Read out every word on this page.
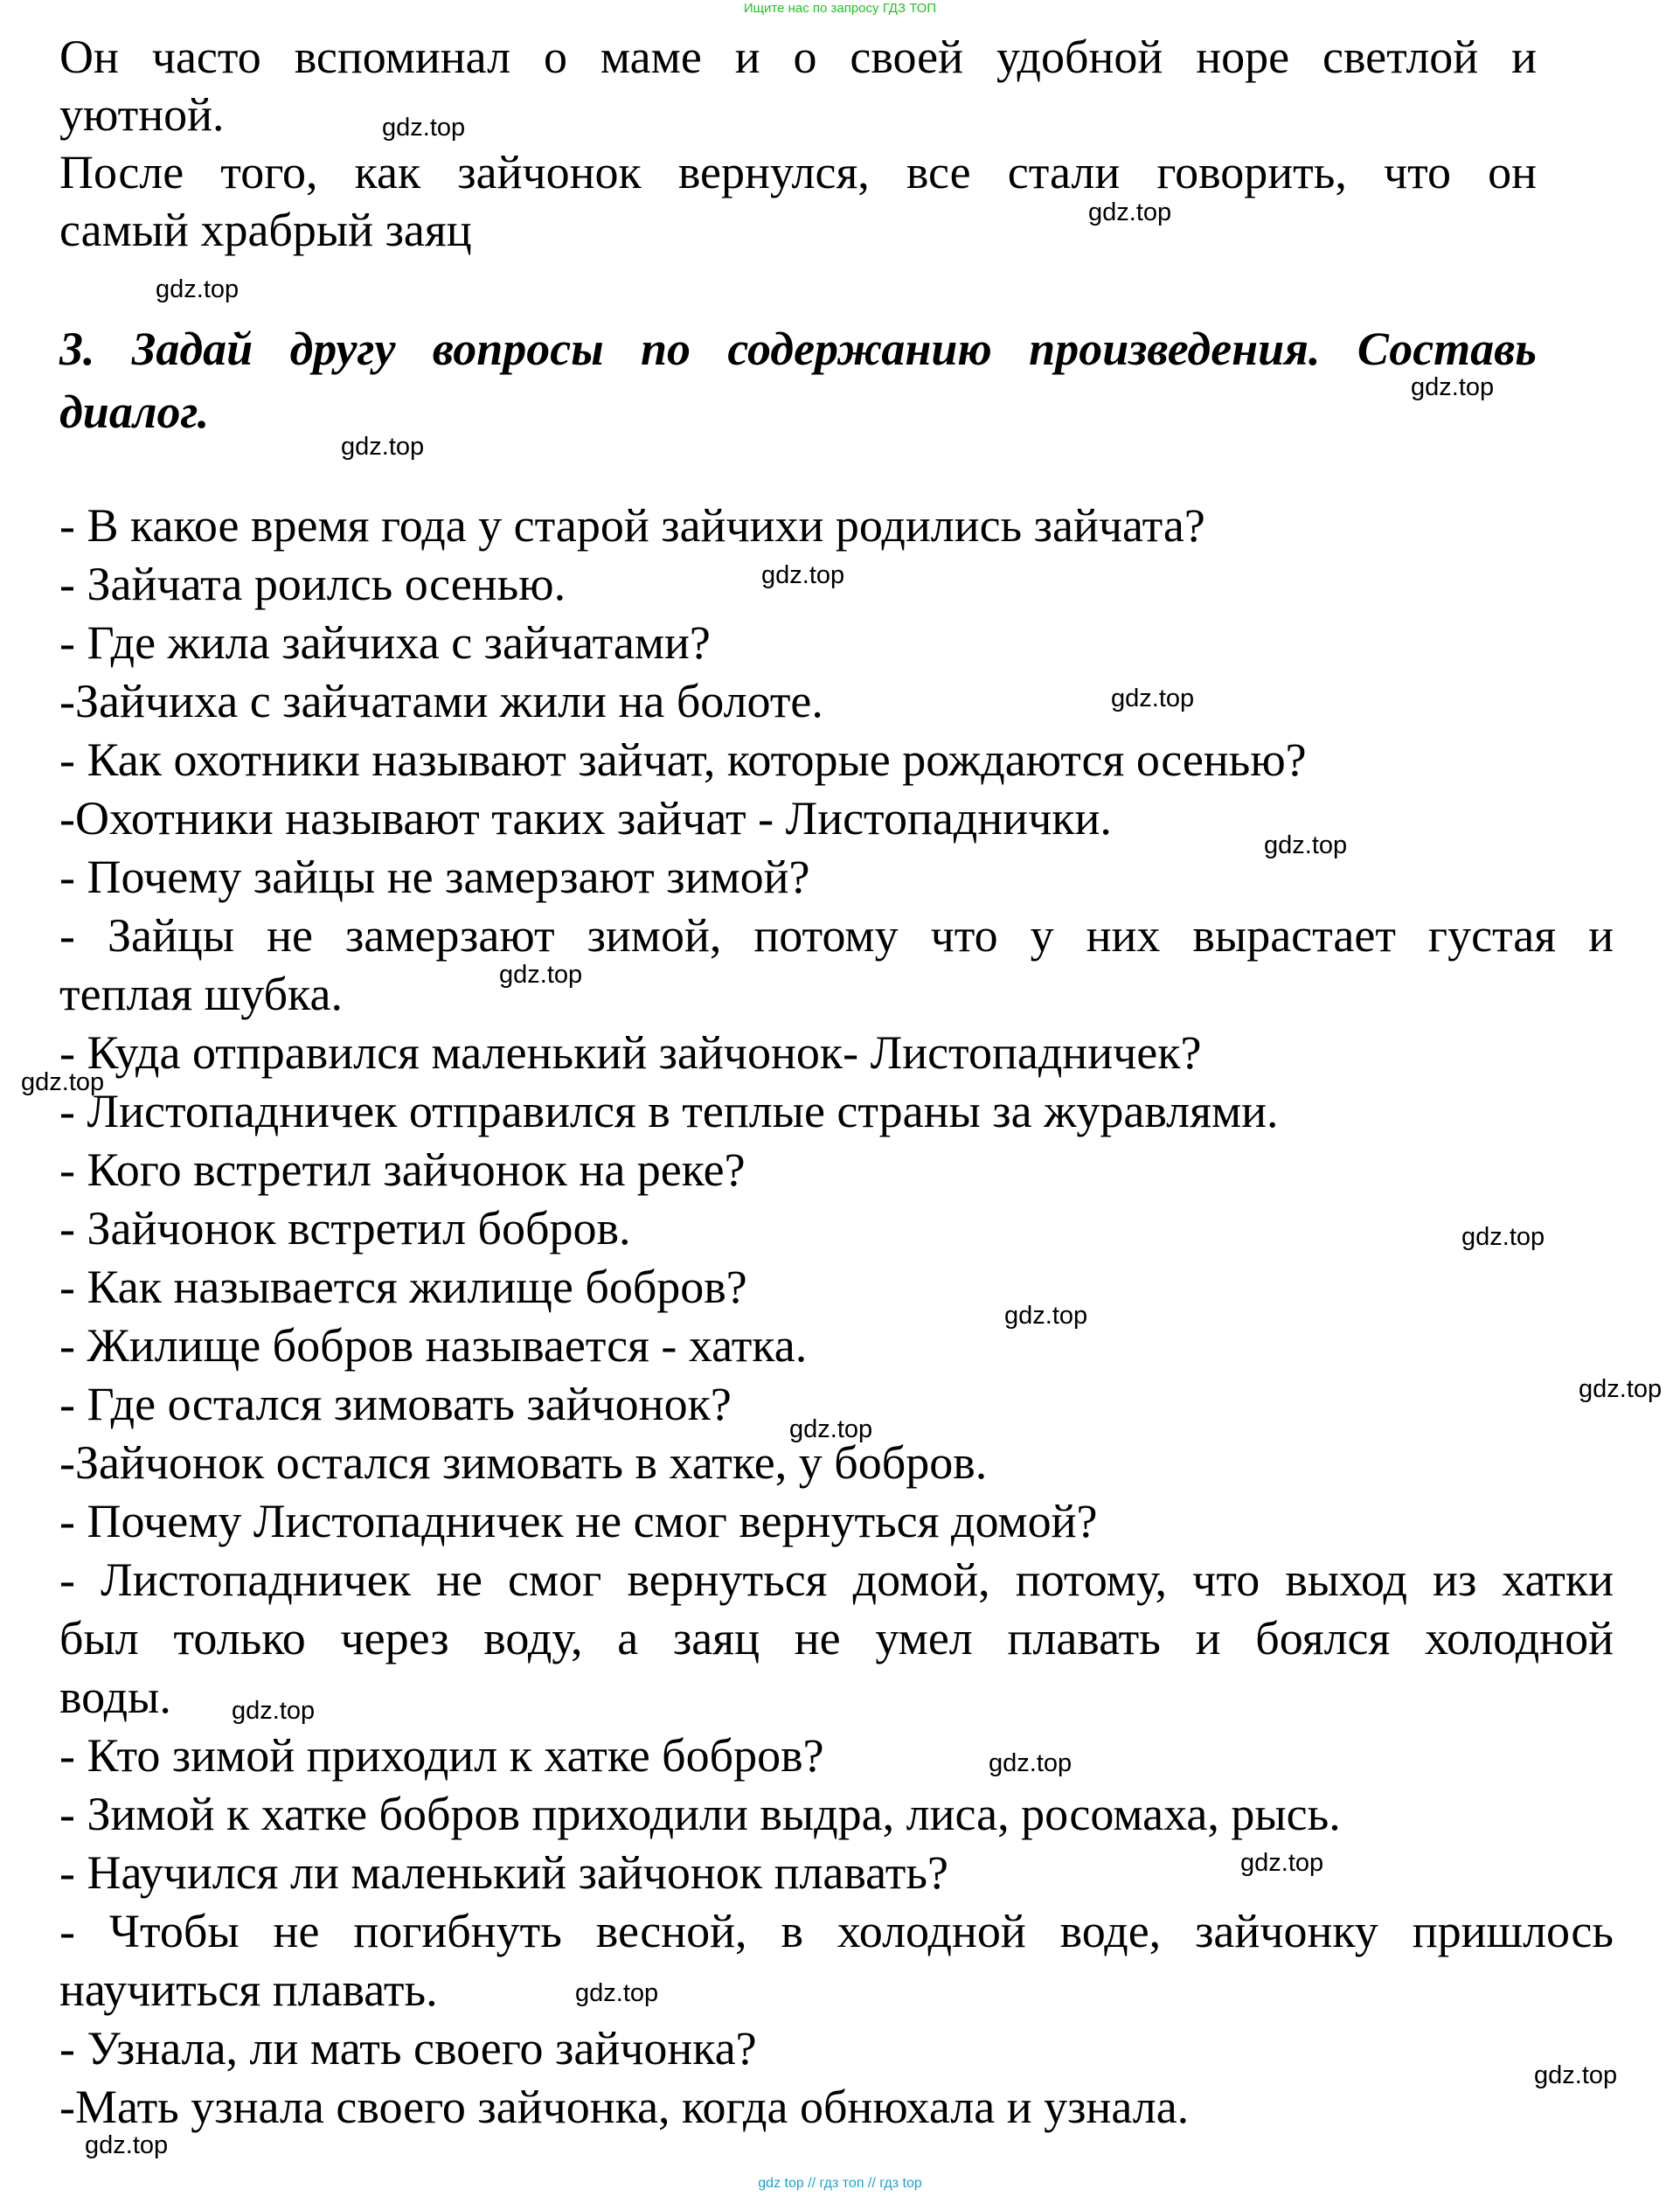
Ищите нас по запросу ГДЗ ТОП
Он часто вспоминал о маме и о своей удобной норе светлой и
уютной.
После того, как зайчонок вернулся, все стали говорить, что он
самый храбрый заяц
3. Задай другу вопросы по содержанию произведения. Составь
диалог.
- В какое время года у старой зайчихи родились зайчата?
- Зайчата роилсь осенью.
- Где жила зайчиха с зайчатами?
-Зайчиха с зайчатами жили на болоте.
- Как охотники называют зайчат, которые рождаются осенью?
-Охотники называют таких зайчат - Листопаднички.
- Почему зайцы не замерзают зимой?
- Зайцы не замерзают зимой, потому что у них вырастает густая и
теплая шубка.
- Куда отправился маленький зайчонок- Листопадничек?
- Листопадничек отправился в теплые страны за журавлями.
- Кого встретил зайчонок на реке?
- Зайчонок встретил бобров.
- Как называется жилище бобров?
- Жилище бобров называется - хатка.
- Где остался зимовать зайчонок?
-Зайчонок остался зимовать в хатке, у бобров.
- Почему Листопадничек не смог вернуться домой?
- Листопадничек не смог вернуться домой, потому, что выход из хатки
был только через воду, а заяц не умел плавать и боялся холодной
воды.
- Кто зимой приходил к хатке бобров?
- Зимой к хатке бобров приходили выдра, лиса, росомаха, рысь.
- Научился ли маленький зайчонок плавать?
- Чтобы не погибнуть весной, в холодной воде, зайчонку пришлось
научиться плавать.
- Узнала, ли мать своего зайчонка?
-Мать узнала своего зайчонка, когда обнюхала и узнала.
gdz.top
gdz.top
gdz.top
gdz.top
gdz.top
gdz.top
gdz.top
gdz.top
gdz.top
gdz.top
gdz.top
gdz.top
gdz.top
gdz.top
gdz.top
gdz.top
gdz.top
gdz.top
gdz.top
gdz.top
gdz top // гдз топ // гдз top
